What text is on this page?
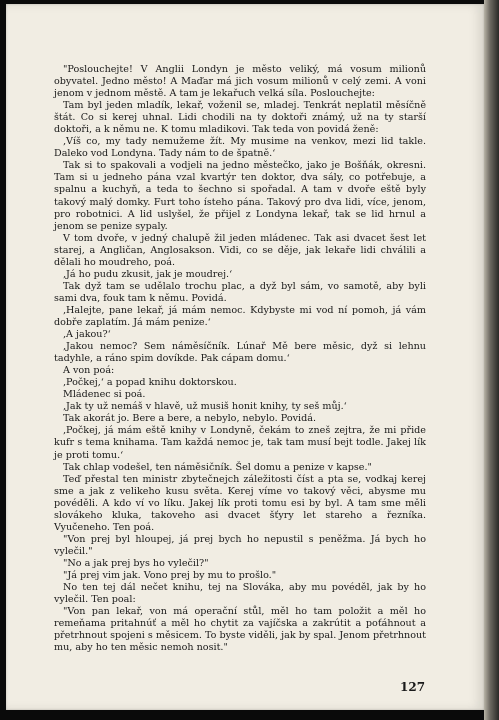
"Poslouchejte! V Anglii Londyn je město veliký, má vosum milionů obyvatel. Jedno město! A Maďar má jich vosum milionů v celý zemi. A voni jenom v jednom městě. A tam je lekařuch velká síla. Poslouchejte:

Tam byl jeden mladík, lekař, voženil se, mladej. Tenkrát neplatil měsíčně štát. Co si kerej uhnal. Lidi chodili na ty doktoři známý, už na ty starší doktoři, a k němu ne. K tomu mladikovi. Tak teda von povidá ženě:

‚Víš co, my tady nemužeme žít. My musime na venkov, mezi lid takle. Daleko vod Londyna. Tady nám to de špatně.‘

Tak si to spakovali a vodjeli na jedno městečko, jako je Bošňák, okresni. Tam si u jedneho pána vzal kvartýr ten doktor, dva sály, co potřebuje, a spalnu a kuchyň, a teda to šechno si spořadal. A tam v dvoře eště byly takový malý domky. Furt toho ísteho pána. Takový pro dva lidi, více, jenom, pro robotnici. A lid uslyšel, že přijel z Londyna lekař, tak se lid hrnul a jenom se penize sypaly.

V tom dvoře, v jedný chalupě žil jeden mládenec. Tak asi dvacet šest let starej, a Angličan, Anglosakson. Vidi, co se děje, jak lekaře lidi chválili a dělali ho moudreho, poá.

‚Já ho pudu zkusit, jak je moudrej.‘

Tak dyž tam se udělalo trochu plac, a dyž byl sám, vo samotě, aby byli sami dva, fouk tam k němu. Povidá.

‚Halejte, pane lekař, já mám nemoc. Kdybyste mi vod ní pomoh, já vám dobře zaplatím. Já mám penize.‘

‚A jakou?‘

‚Jakou nemoc? Sem náměsíčník. Lúnař Mě bere měsic, dyž si lehnu tadyhle, a ráno spim dovíkde. Pak cápam domu.‘

A von poá:

‚Počkej,‘ a popad knihu doktorskou.

Mládenec si poá.

‚Jak ty už nemáš v hlavě, už musiš honit knihy, ty seš můj.‘

Tak akorát jo. Bere a bere, a nebylo, nebylo. Povidá.

‚Počkej, já mám eště knihy v Londyně, čekám to zneš zejtra, že mi přide kufr s tema knihama. Tam každá nemoc je, tak tam musí bejt todle. Jakej lík je proti tomu.‘

Tak chlap vodešel, ten náměsičník. Šel domu a penize v kapse."

Teď přestal ten ministr zbytečnejch záležitosti číst a pta se, vodkaj kerej sme a jak z velikeho kusu světa. Kerej víme vo takový věci, abysme mu povéděli. A kdo ví vo líku. Jakej lík proti tomu esi by byl. A tam sme měli slovákeho kluka, takoveho asi dvacet šťyry let stareho a řezníka. Vyučeneho. Ten poá.

"Von prej byl hloupej, já prej bych ho nepustil s peněžma. Já bych ho vylečil."

"No a jak prej bys ho vylečil?"

"Já prej vim jak. Vono prej by mu to prošlo."

No ten tej dál nečet knihu, tej na Slováka, aby mu povéděl, jak by ho vylečil. Ten poal:

"Von pan lekař, von má operační stůl, měl ho tam položit a měl ho remeňama pritahnúť a měl ho chytit za vajíčska a zakrútit a poťáhnout a přetrhnout spojeni s měsicem. To byste viděli, jak by spal. Jenom přetrhnout mu, aby ho ten měsic nemoh nosit."

127
